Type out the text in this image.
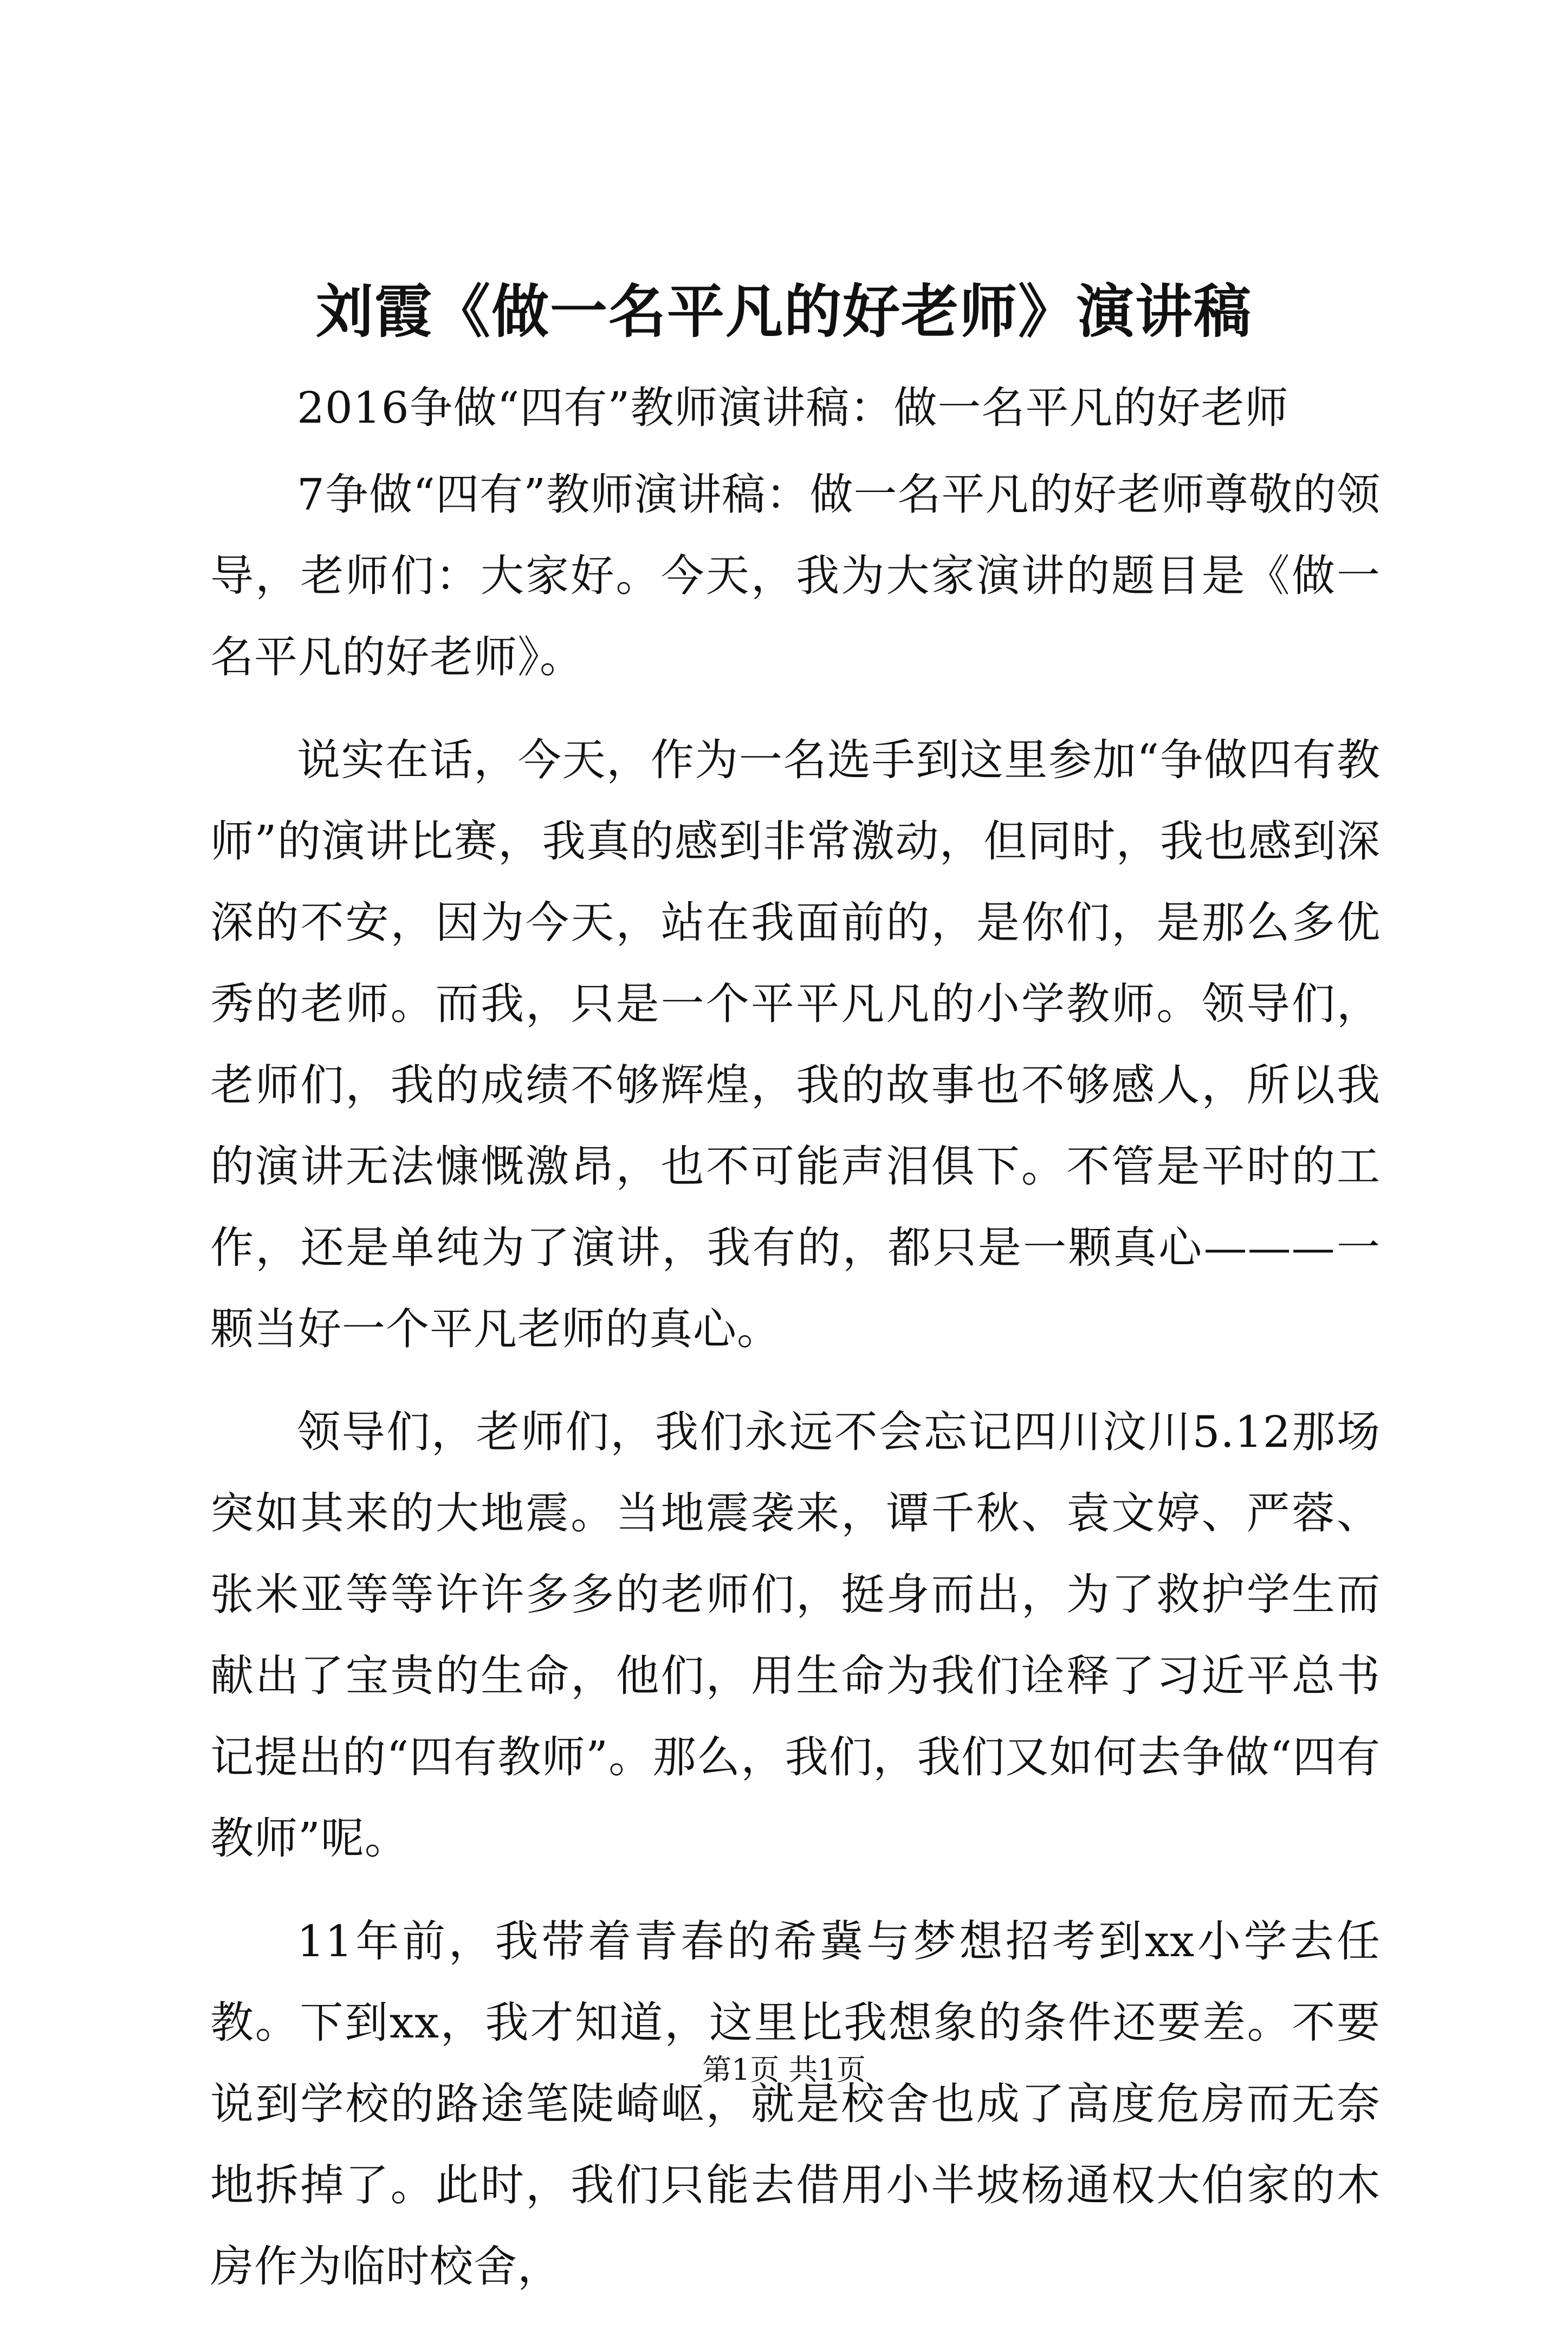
刘霞《做一名平凡的好老师》演讲稿

2016争做“四有”教师演讲稿：做一名平凡的好老师

7争做“四有”教师演讲稿：做一名平凡的好老师尊敬的领导，老师们：大家好。今天，我为大家演讲的题目是《做一名平凡的好老师》。

说实在话，今天，作为一名选手到这里参加“争做四有教师”的演讲比赛，我真的感到非常激动，但同时，我也感到深深的不安，因为今天，站在我面前的，是你们，是那么多优秀的老师。而我，只是一个平平凡凡的小学教师。领导们，老师们，我的成绩不够辉煌，我的故事也不够感人，所以我的演讲无法慷慨激昂，也不可能声泪俱下。不管是平时的工作，还是单纯为了演讲，我有的，都只是一颗真心———一颗当好一个平凡老师的真心。

领导们，老师们，我们永远不会忘记四川汶川5.12那场突如其来的大地震。当地震袭来，谭千秋、袁文婷、严蓉、张米亚等等许许多多的老师们，挺身而出，为了救护学生而献出了宝贵的生命，他们，用生命为我们诠释了习近平总书记提出的“四有教师”。那么，我们，我们又如何去争做“四有教师”呢。

11年前，我带着青春的希冀与梦想招考到xx小学去任教。下到xx，我才知道，这里比我想象的条件还要差。不要说到学校的路途笔陡崎岖，就是校舍也成了高度危房而无奈地拆掉了。此时，我们只能去借用小半坡杨通权大伯家的木房作为临时校舍，

第1页 共1页
